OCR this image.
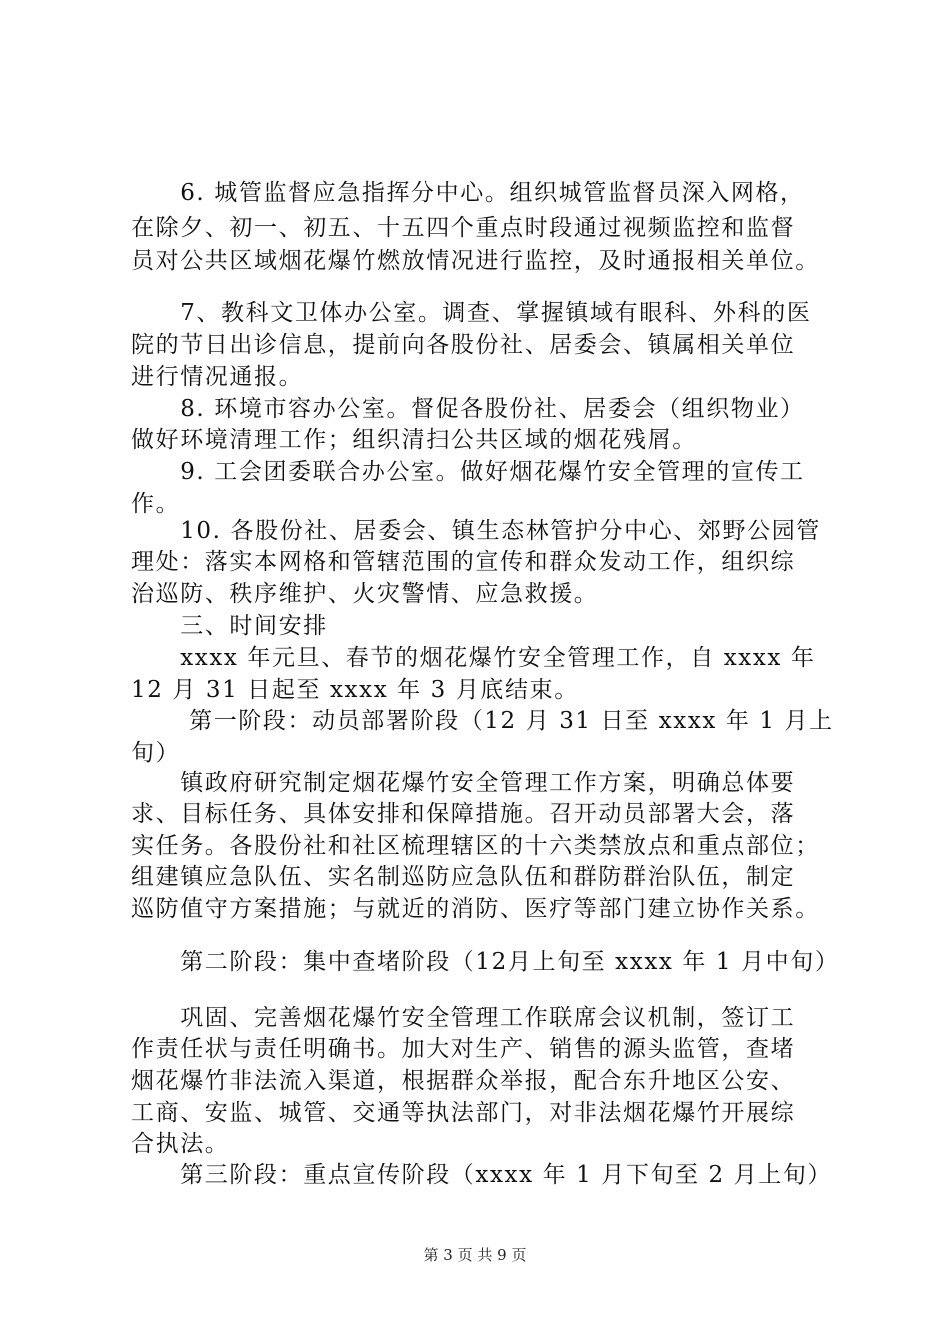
　　6. 城管监督应急指挥分中心。组织城管监督员深入网格，
在除夕、初一、初五、十五四个重点时段通过视频监控和监督
员对公共区域烟花爆竹燃放情况进行监控，及时通报相关单位。
　　7、教科文卫体办公室。调查、掌握镇域有眼科、外科的医
院的节日出诊信息，提前向各股份社、居委会、镇属相关单位
进行情况通报。
　　8. 环境市容办公室。督促各股份社、居委会（组织物业）
做好环境清理工作；组织清扫公共区域的烟花残屑。
　　9. 工会团委联合办公室。做好烟花爆竹安全管理的宣传工
作。
　　10. 各股份社、居委会、镇生态林管护分中心、郊野公园管
理处：落实本网格和管辖范围的宣传和群众发动工作，组织综
治巡防、秩序维护、火灾警情、应急救援。
　　三、时间安排
　　xxxx 年元旦、春节的烟花爆竹安全管理工作，自 xxxx 年
12 月 31 日起至 xxxx 年 3 月底结束。
　　 第一阶段：动员部署阶段（12 月 31 日至 xxxx 年 1 月上
旬）
　　镇政府研究制定烟花爆竹安全管理工作方案，明确总体要
求、目标任务、具体安排和保障措施。召开动员部署大会，落
实任务。各股份社和社区梳理辖区的十六类禁放点和重点部位；
组建镇应急队伍、实名制巡防应急队伍和群防群治队伍，制定
巡防值守方案措施；与就近的消防、医疗等部门建立协作关系。
　　第二阶段：集中查堵阶段（12月上旬至 xxxx 年 1 月中旬）
　　巩固、完善烟花爆竹安全管理工作联席会议机制，签订工
作责任状与责任明确书。加大对生产、销售的源头监管，查堵
烟花爆竹非法流入渠道，根据群众举报，配合东升地区公安、
工商、安监、城管、交通等执法部门，对非法烟花爆竹开展综
合执法。
　　第三阶段：重点宣传阶段（xxxx 年 1 月下旬至 2 月上旬）
第 3 页 共 9 页
